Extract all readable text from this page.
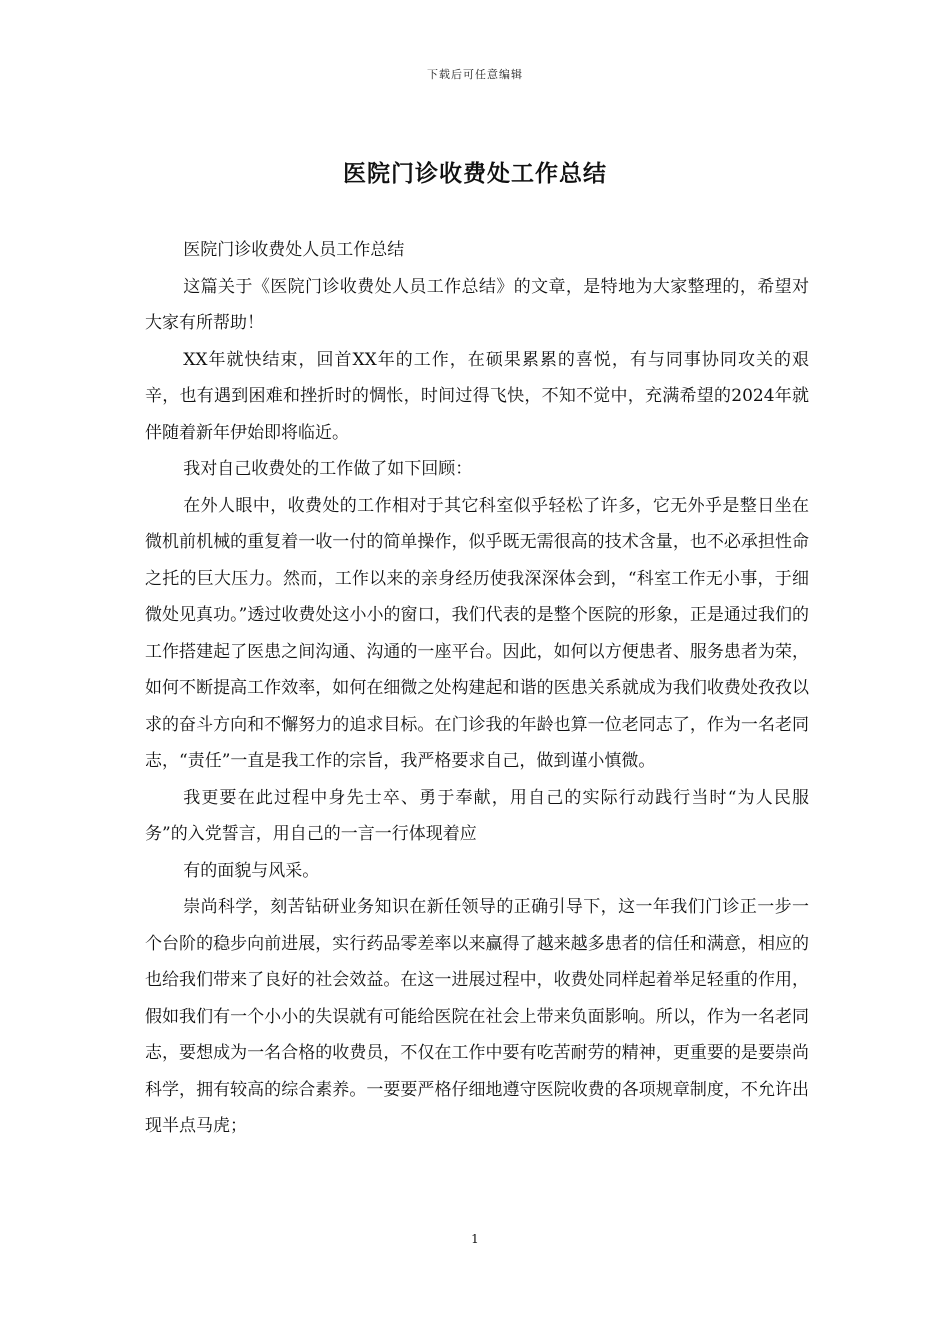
下载后可任意编辑
医院门诊收费处工作总结

医院门诊收费处人员工作总结

这篇关于《医院门诊收费处人员工作总结》的文章，是特地为大家整理的，希望对大家有所帮助！

XX年就快结束，回首XX年的工作，在硕果累累的喜悦，有与同事协同攻关的艰辛，也有遇到困难和挫折时的惆怅，时间过得飞快，不知不觉中，充满希望的2024年就伴随着新年伊始即将临近。

我对自己收费处的工作做了如下回顾：

在外人眼中，收费处的工作相对于其它科室似乎轻松了许多，它无外乎是整日坐在微机前机械的重复着一收一付的简单操作，似乎既无需很高的技术含量，也不必承担性命之托的巨大压力。然而，工作以来的亲身经历使我深深体会到，“科室工作无小事，于细微处见真功。”透过收费处这小小的窗口，我们代表的是整个医院的形象，正是通过我们的工作搭建起了医患之间沟通、沟通的一座平台。因此，如何以方便患者、服务患者为荣，如何不断提高工作效率，如何在细微之处构建起和谐的医患关系就成为我们收费处孜孜以求的奋斗方向和不懈努力的追求目标。在门诊我的年龄也算一位老同志了，作为一名老同志，“责任”一直是我工作的宗旨，我严格要求自己，做到谨小慎微。

我更要在此过程中身先士卒、勇于奉献，用自己的实际行动践行当时“为人民服务”的入党誓言，用自己的一言一行体现着应

有的面貌与风采。

崇尚科学，刻苦钻研业务知识在新任领导的正确引导下，这一年我们门诊正一步一个台阶的稳步向前进展，实行药品零差率以来赢得了越来越多患者的信任和满意，相应的也给我们带来了良好的社会效益。在这一进展过程中，收费处同样起着举足轻重的作用，假如我们有一个小小的失误就有可能给医院在社会上带来负面影响。所以，作为一名老同志，要想成为一名合格的收费员，不仅在工作中要有吃苦耐劳的精神，更重要的是要崇尚科学，拥有较高的综合素养。一要要严格仔细地遵守医院收费的各项规章制度，不允许出现半点马虎；

1
